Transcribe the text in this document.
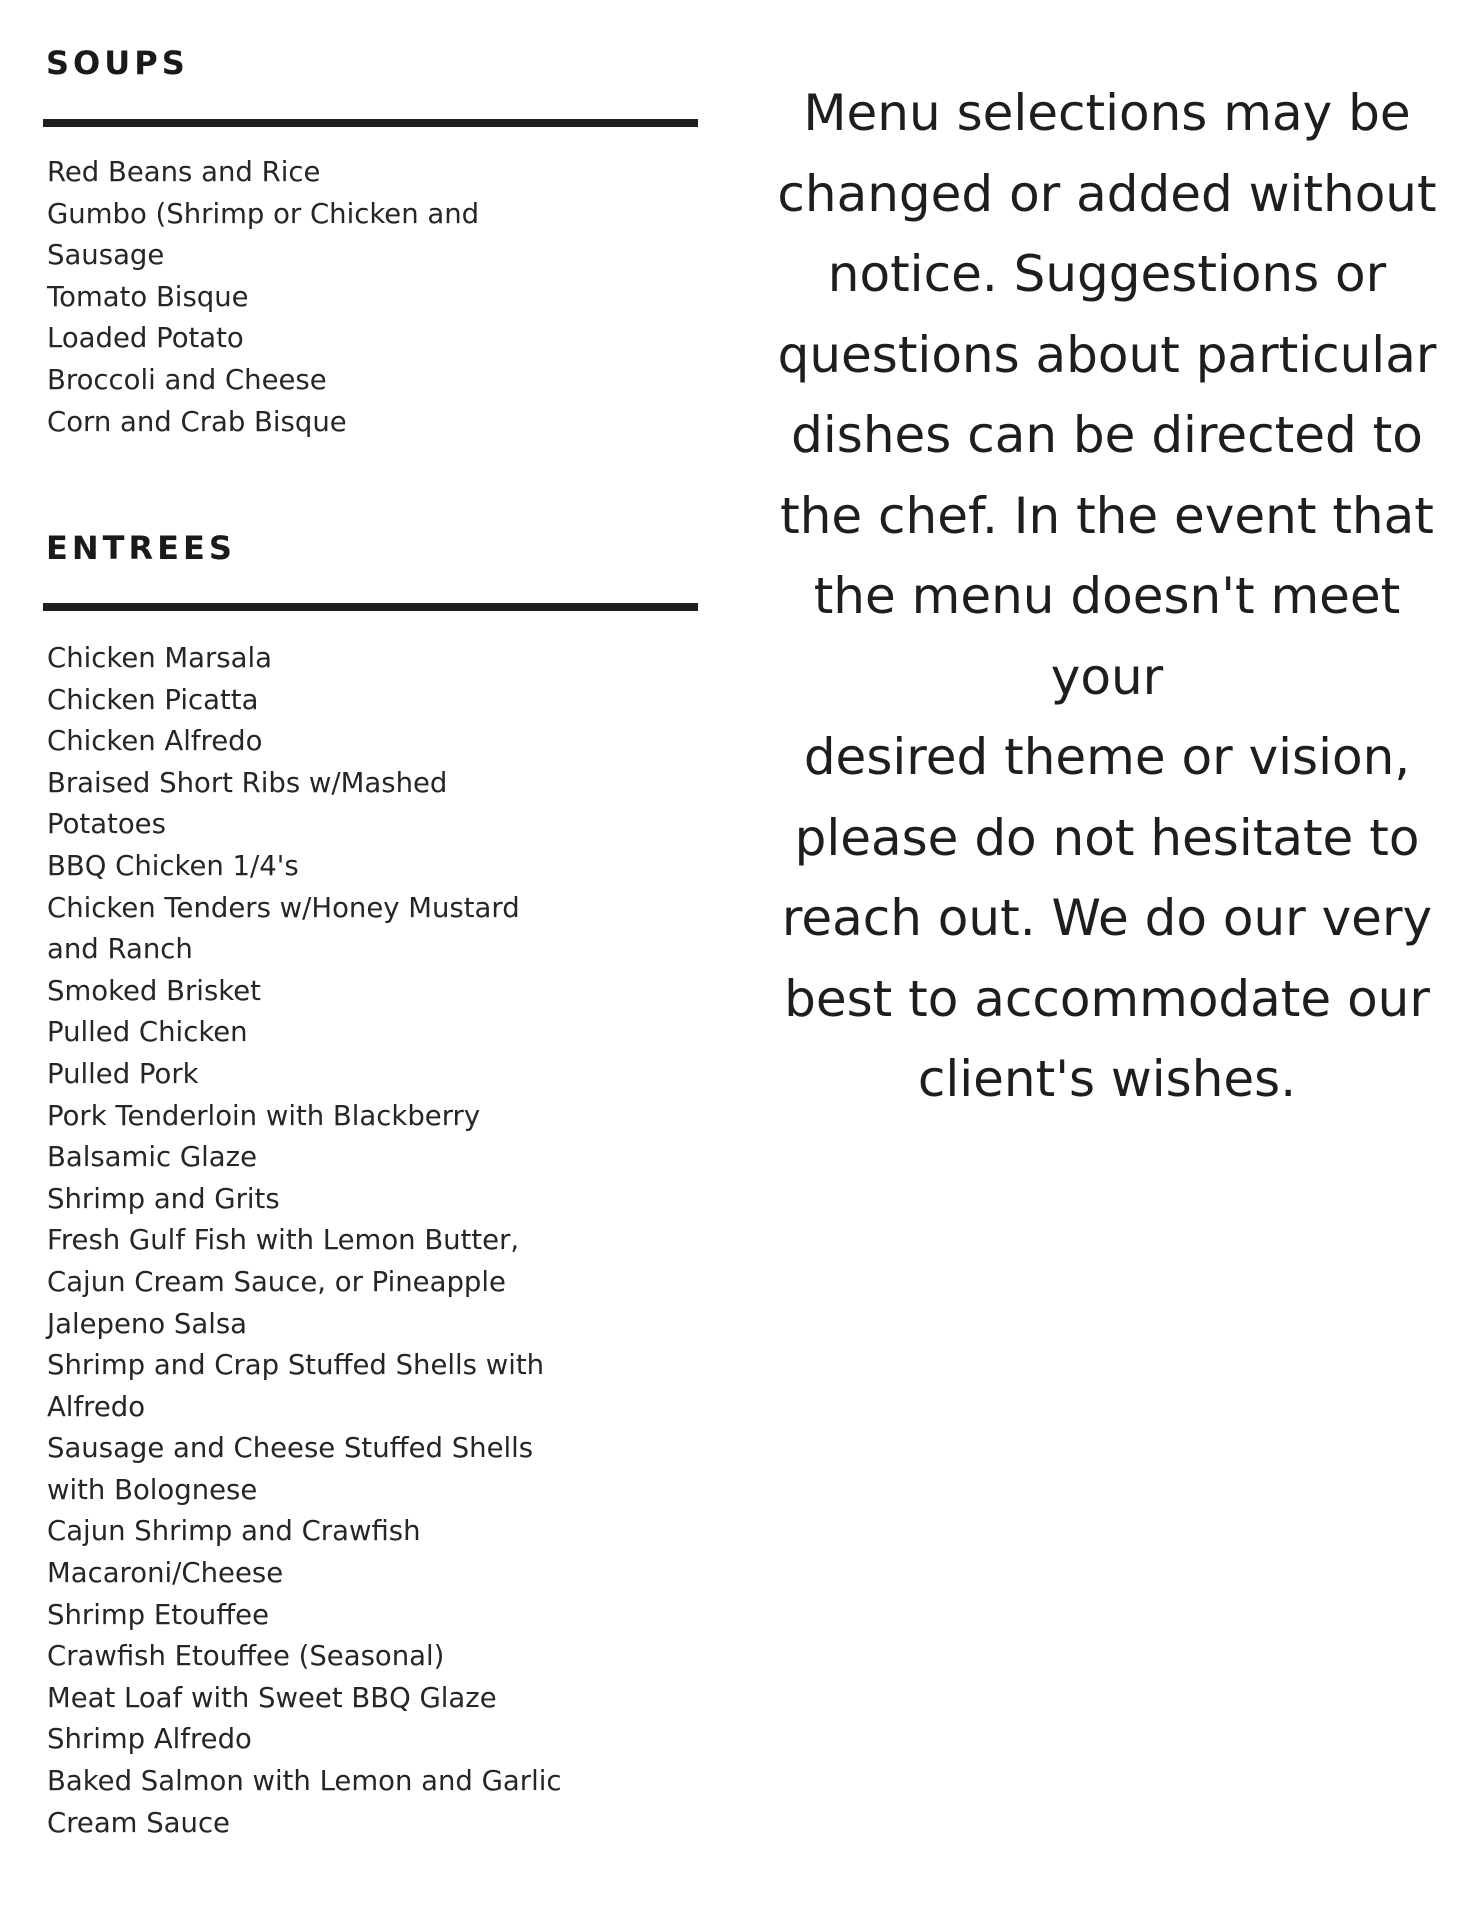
SOUPS
Red Beans and Rice
Gumbo (Shrimp or Chicken and
Sausage
Tomato Bisque
Loaded Potato
Broccoli and Cheese
Corn and Crab Bisque
ENTREES
Chicken Marsala
Chicken Picatta
Chicken Alfredo
Braised Short Ribs w/Mashed
Potatoes
BBQ Chicken 1/4's
Chicken Tenders w/Honey Mustard
and Ranch
Smoked Brisket
Pulled Chicken
Pulled Pork
Pork Tenderloin with Blackberry
Balsamic Glaze
Shrimp and Grits
Fresh Gulf Fish with Lemon Butter,
Cajun Cream Sauce, or Pineapple
Jalepeno Salsa
Shrimp and Crap Stuffed Shells with
Alfredo
Sausage and Cheese Stuffed Shells
with Bolognese
Cajun Shrimp and Crawfish
Macaroni/Cheese
Shrimp Etouffee
Crawfish Etouffee (Seasonal)
Meat Loaf with Sweet BBQ Glaze
Shrimp Alfredo
Baked Salmon with Lemon and Garlic
Cream Sauce

Menu selections may be
changed or added without
notice. Suggestions or
questions about particular
dishes can be directed to
the chef. In the event that
the menu doesn't meet your
desired theme or vision,
please do not hesitate to
reach out. We do our very
best to accommodate our
client's wishes.
